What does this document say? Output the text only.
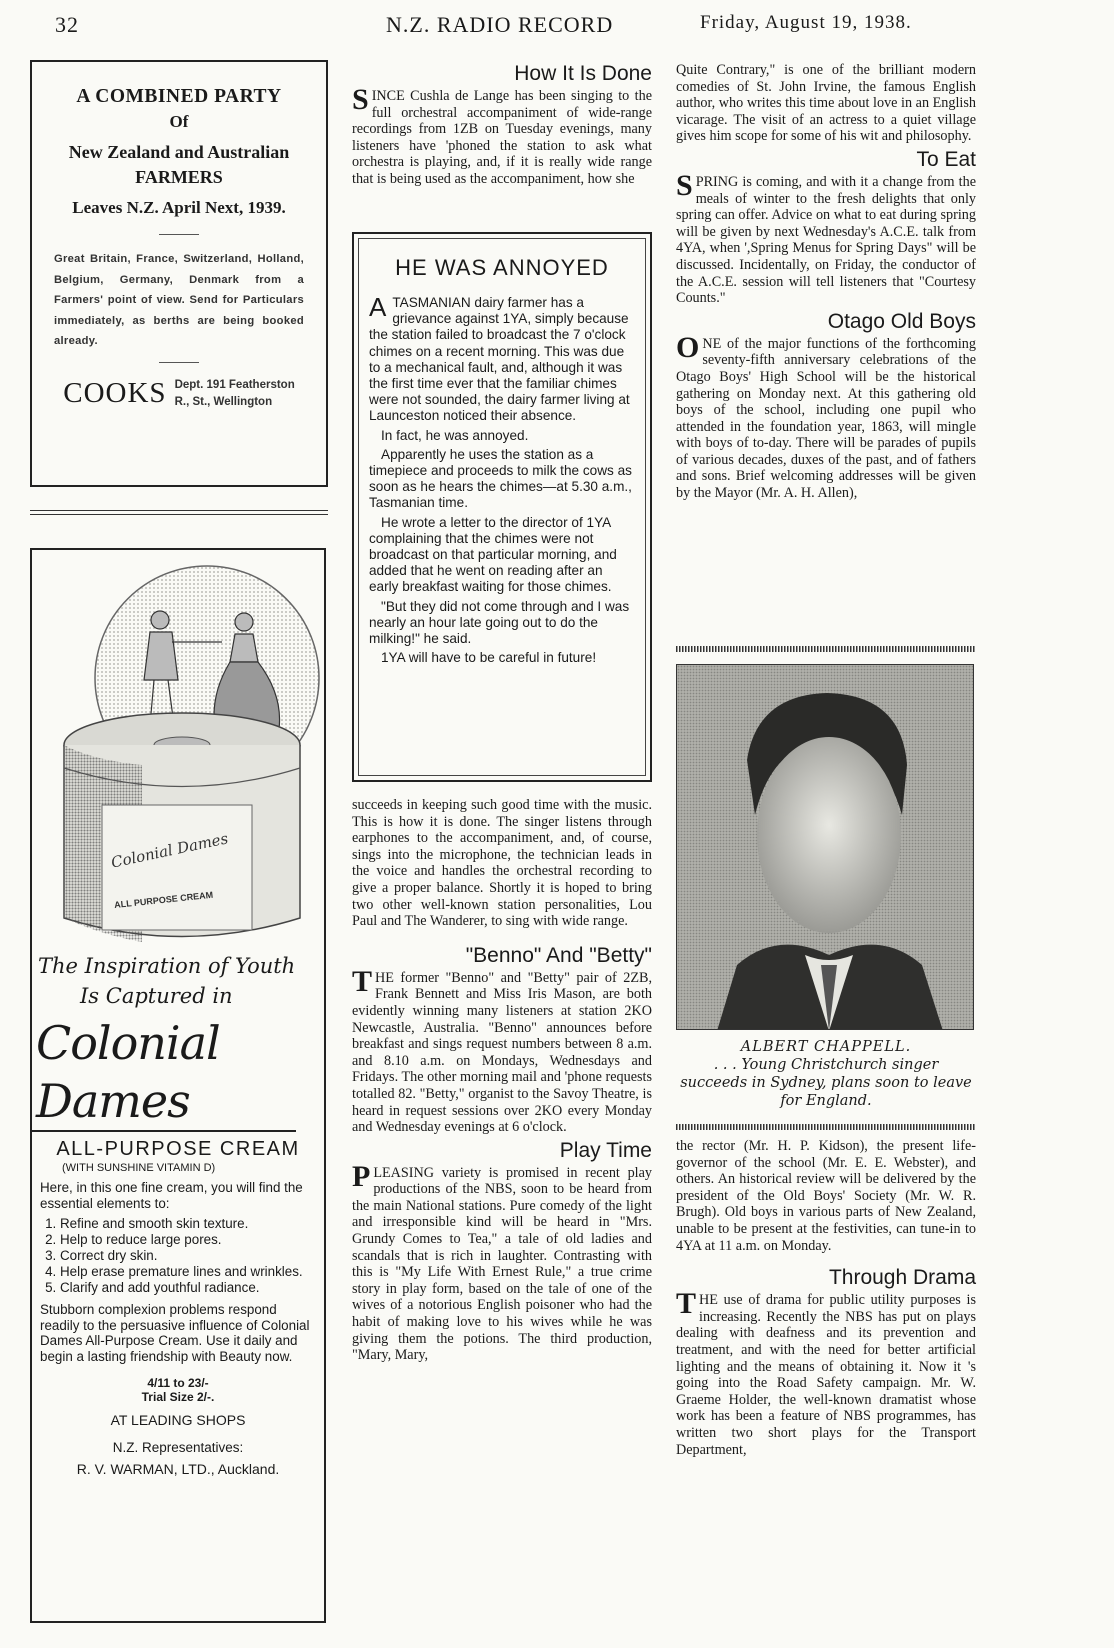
32	N.Z. RADIO RECORD	Friday, August 19, 1938.
A COMBINED PARTY
Of
New Zealand and Australian
FARMERS
Leaves N.Z. April Next, 1939.
Great Britain, France, Switzerland, Holland, Belgium, Germany, Denmark from a Farmers' point of view. Send for Particulars immediately, as berths are being booked already.
COOKS Dept. 191 Featherston
R., St., Wellington
Colonial Dames
ALL PURPOSE CREAM
The Inspiration of Youth
Is Captured in
Colonial Dames
ALL-PURPOSE CREAM
(WITH SUNSHINE VITAMIN D)
Here, in this one fine cream, you will find the essential elements to:
1. Refine and smooth skin texture.
2. Help to reduce large pores.
3. Correct dry skin.
4. Help erase premature lines and wrinkles.
5. Clarify and add youthful radiance.
Stubborn complexion problems respond readily to the persuasive influence of Colonial Dames All-Purpose Cream. Use it daily and begin a lasting friendship with Beauty now.
4/11 to 23/-
Trial Size 2/-.
AT LEADING SHOPS
N.Z. Representatives:
R. V. WARMAN, LTD., Auckland.
How It Is Done
SINCE Cushla de Lange has been singing to the full orchestral accompaniment of wide-range recordings from 1ZB on Tuesday evenings, many listeners have 'phoned the station to ask what orchestra is playing, and, if it is really wide range that is being used as the accompaniment, how she
HE WAS ANNOYED

ATASMANIAN dairy farmer has a grievance against 1YA, simply because the station failed to broadcast the 7 o'clock chimes on a recent morning. This was due to a mechanical fault, and, although it was the first time ever that the familiar chimes were not sounded, the dairy farmer living at Launceston noticed their absence.

In fact, he was annoyed.

Apparently he uses the station as a timepiece and proceeds to milk the cows as soon as he hears the chimes—at 5.30 a.m., Tasmanian time.

He wrote a letter to the director of 1YA complaining that the chimes were not broadcast on that particular morning, and added that he went on reading after an early breakfast waiting for those chimes.

"But they did not come through and I was nearly an hour late going out to do the milking!" he said.

1YA will have to be careful in future!

succeeds in keeping such good time with the music. This is how it is done. The singer listens through earphones to the accompaniment, and, of course, sings into the microphone, the technician leads in the voice and handles the orchestral recording to give a proper balance. Shortly it is hoped to bring two other well-known station personalities, Lou Paul and The Wanderer, to sing with wide range.
"Benno" And "Betty"
THE former "Benno" and "Betty" pair of 2ZB, Frank Bennett and Miss Iris Mason, are both evidently winning many listeners at station 2KO Newcastle, Australia. "Benno" announces before breakfast and sings request numbers between 8 a.m. and 8.10 a.m. on Mondays, Wednesdays and Fridays. The other morning mail and 'phone requests totalled 82. "Betty," organist to the Savoy Theatre, is heard in request sessions over 2KO every Monday and Wednesday evenings at 6 o'clock.
Play Time
PLEASING variety is promised in recent play productions of the NBS, soon to be heard from the main National stations. Pure comedy of the light and irresponsible kind will be heard in "Mrs. Grundy Comes to Tea," a tale of old ladies and scandals that is rich in laughter. Contrasting with this is "My Life With Ernest Rule," a true crime story in play form, based on the tale of one of the wives of a notorious English poisoner who had the habit of making love to his wives while he was giving them the potions. The third production, "Mary, Mary,
Quite Contrary," is one of the brilliant modern comedies of St. John Irvine, the famous English author, who writes this time about love in an English vicarage. The visit of an actress to a quiet village gives him scope for some of his wit and philosophy.
To Eat
SPRING is coming, and with it a change from the meals of winter to the fresh delights that only spring can offer. Advice on what to eat during spring will be given by next Wednesday's A.C.E. talk from 4YA, when ',Spring Menus for Spring Days" will be discussed. Incidentally, on Friday, the conductor of the A.C.E. session will tell listeners that "Courtesy Counts."
Otago Old Boys
ONE of the major functions of the forthcoming seventy-fifth anniversary celebrations of the Otago Boys' High School will be the historical gathering on Monday next. At this gathering old boys of the school, including one pupil who attended in the foundation year, 1863, will mingle with boys of to-day. There will be parades of pupils of various decades, duxes of the past, and of fathers and sons. Brief welcoming addresses will be given by the Mayor (Mr. A. H. Allen),
ALBERT CHAPPELL.
. . . Young Christchurch singer succeeds in Sydney, plans soon to leave for England.
the rector (Mr. H. P. Kidson), the present life-governor of the school (Mr. E. E. Webster), and others. An historical review will be delivered by the president of the Old Boys' Society (Mr. W. R. Brugh). Old boys in various parts of New Zealand, unable to be present at the festivities, can tune-in to 4YA at 11 a.m. on Monday.
Through Drama
THE use of drama for public utility purposes is increasing. Recently the NBS has put on plays dealing with deafness and its prevention and treatment, and with the need for better artificial lighting and the means of obtaining it. Now it 's going into the Road Safety campaign. Mr. W. Graeme Holder, the well-known dramatist whose work has been a feature of NBS programmes, has written two short plays for the Transport Department,
